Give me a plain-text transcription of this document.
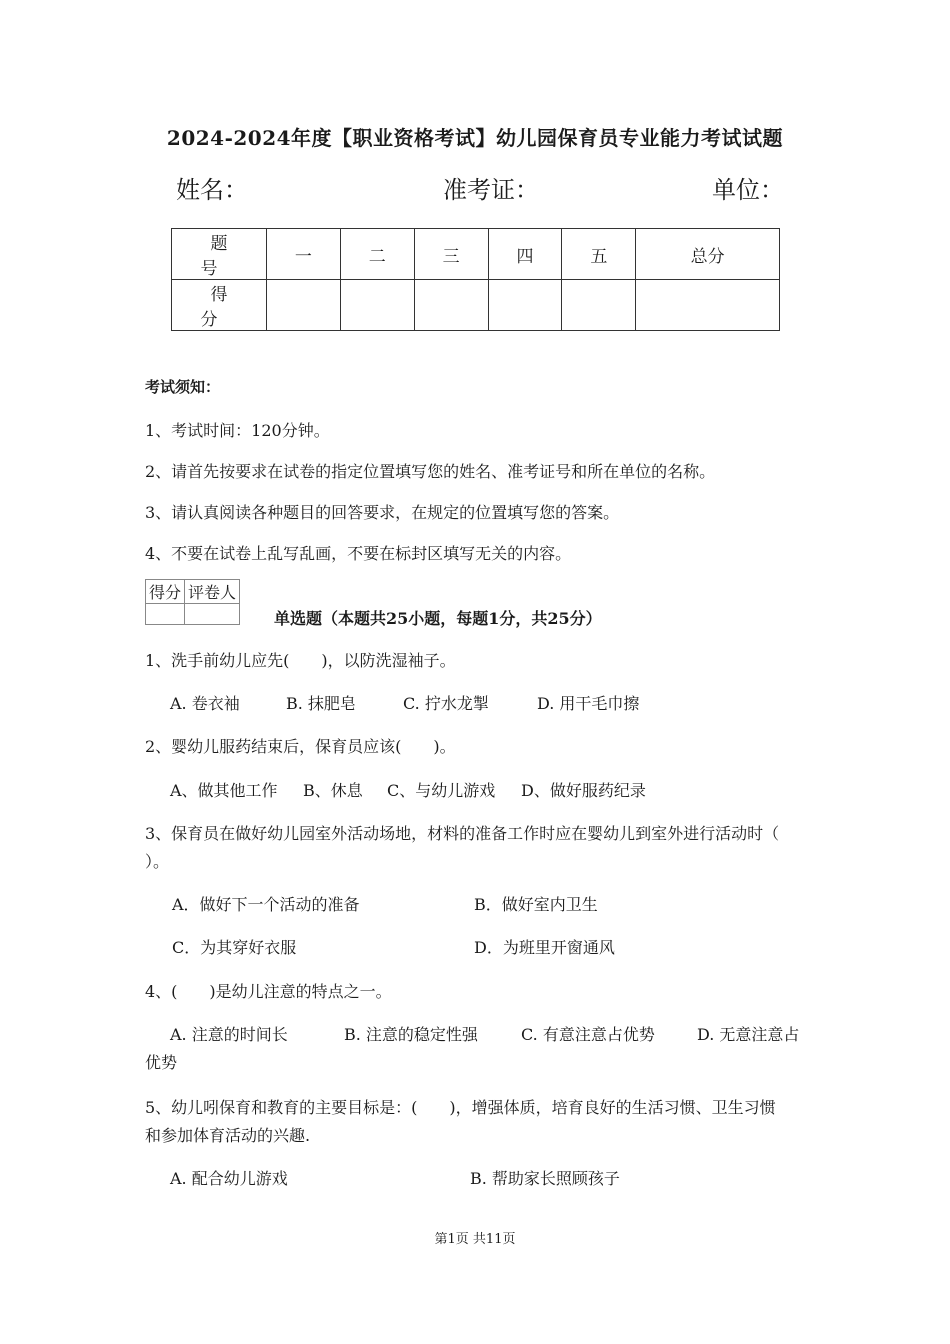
2024-2024年度【职业资格考试】幼儿园保育员专业能力考试试题
姓名：	准考证：	单位：
题　号	一	二	三	四	五	总分
得　分						
考试须知：
1、考试时间：120分钟。
2、请首先按要求在试卷的指定位置填写您的姓名、准考证号和所在单位的名称。
3、请认真阅读各种题目的回答要求，在规定的位置填写您的答案。
4、不要在试卷上乱写乱画，不要在标封区填写无关的内容。
得分	评卷人

单选题（本题共25小题，每题1分，共25分）
1、洗手前幼儿应先(　　)，以防洗湿袖子。
A. 卷衣袖	B. 抹肥皂	C. 拧水龙掣	D. 用干毛巾擦
2、婴幼儿服药结束后，保育员应该(　　)。
A、做其他工作 B、休息 C、与幼儿游戏 D、做好服药纪录
3、保育员在做好幼儿园室外活动场地，材料的准备工作时应在婴幼儿到室外进行活动时（
）。
A．做好下一个活动的准备	B．做好室内卫生
C．为其穿好衣服	D．为班里开窗通风
4、(　　)是幼儿注意的特点之一。
A. 注意的时间长	B. 注意的稳定性强	C. 有意注意占优势	D. 无意注意占
优势
5、幼儿吲保育和教育的主要目标是：(　　)，增强体质，培育良好的生活习惯、卫生习惯
和参加体育活动的兴趣.
A. 配合幼儿游戏	B. 帮助家长照顾孩子
第1页 共11页
